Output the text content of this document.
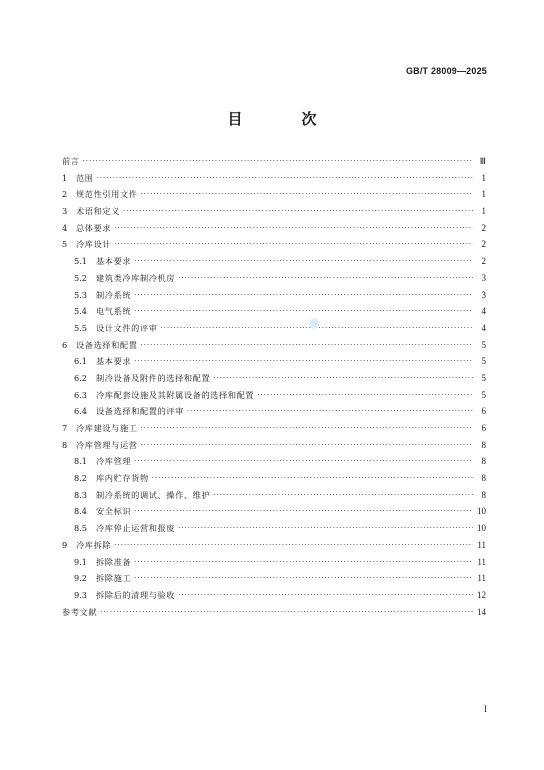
GB/T 28009—2025
目　次
前言 ·····	Ⅲ
1	范围 ·····	1
2	规范性引用文件 ·····	1
3	术语和定义 ·····	1
4	总体要求 ·····	2
5	冷库设计 ·····	2
5.1	基本要求 ·····	2
5.2	建筑类冷库制冷机房 ·····	3
5.3	制冷系统 ·····	3
5.4	电气系统 ·····	4
5.5	设计文件的评审 ·····	4
6	设备选择和配置 ·····	5
6.1	基本要求 ·····	5
6.2	制冷设备及附件的选择和配置 ·····	5
6.3	冷库配套设施及其附属设备的选择和配置 ·····	5
6.4	设备选择和配置的评审 ·····	6
7	冷库建设与施工 ·····	6
8	冷库管理与运营 ·····	8
8.1	冷库管理 ·····	8
8.2	库内贮存货物 ·····	8
8.3	制冷系统的调试、操作、维护 ·····	8
8.4	安全标识 ·····	10
8.5	冷库停止运营和报废 ·····	10
9	冷库拆除 ·····	11
9.1	拆除准备 ·····	11
9.2	拆除施工 ·····	11
9.3	拆除后的清理与验收 ·····	12
参考文献 ·····	14
I
